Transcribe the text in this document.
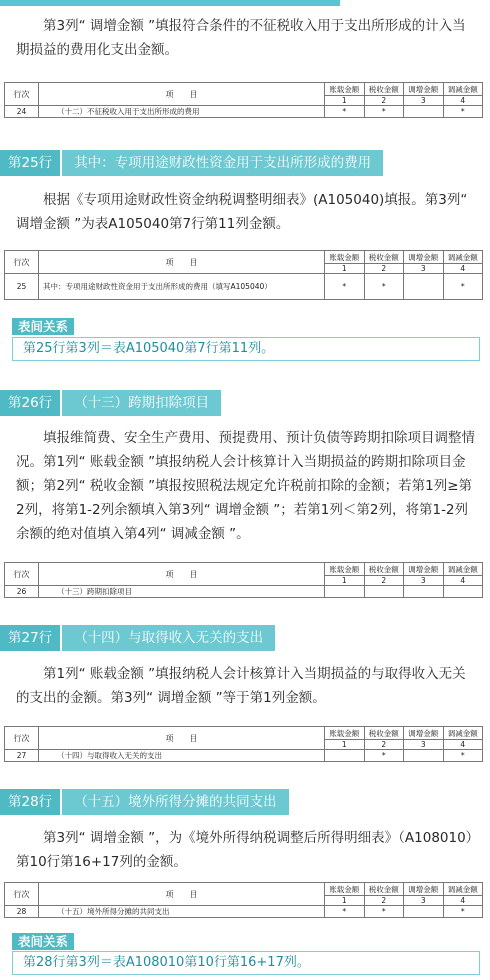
第3列“ 调增金额 ”填报符合条件的不征税收入用于支出所形成的计入当期损益的费用化支出金额。

行次	项　　目	账载金额	税收金额	调增金额	调减金额
		1	2	3	4
24	（十二）不征税收入用于支出所形成的费用	*	*		*
第25行	其中：专项用途财政性资金用于支出所形成的费用

根据《专项用途财政性资金纳税调整明细表》(A105040)填报。第3列“ 调增金额 ”为表A105040第7行第11列金额。

行次	项　　目	账载金额	税收金额	调增金额	调减金额
		1	2	3	4
25	其中：专项用途财政性资金用于支出所形成的费用（填写A105040）	*	*		*
表间关系
第25行第3列＝表A105040第7行第11列。
第26行	（十三）跨期扣除项目

填报维简费、安全生产费用、预提费用、预计负债等跨期扣除项目调整情况。第1列“ 账载金额 ”填报纳税人会计核算计入当期损益的跨期扣除项目金额；第2列“ 税收金额 ”填报按照税法规定允许税前扣除的金额；若第1列≥第2列，将第1-2列余额填入第3列“ 调增金额 ”；若第1列＜第2列，将第1-2列余额的绝对值填入第4列“ 调减金额 ”。

行次	项　　目	账载金额	税收金额	调增金额	调减金额
		1	2	3	4
26	（十三）跨期扣除项目				
第27行	（十四）与取得收入无关的支出

第1列“ 账载金额 ”填报纳税人会计核算计入当期损益的与取得收入无关的支出的金额。第3列“ 调增金额 ”等于第1列金额。

行次	项　　目	账载金额	税收金额	调增金额	调减金额
		1	2	3	4
27	（十四）与取得收入无关的支出		*		*
第28行	（十五）境外所得分摊的共同支出

第3列“ 调增金额 ”，为《境外所得纳税调整后所得明细表》（A108010）第10行第16+17列的金额。

行次	项　　目	账载金额	税收金额	调增金额	调减金额
		1	2	3	4
28	（十五）境外所得分摊的共同支出	*	*		*
表间关系
第28行第3列＝表A108010第10行第16+17列。
